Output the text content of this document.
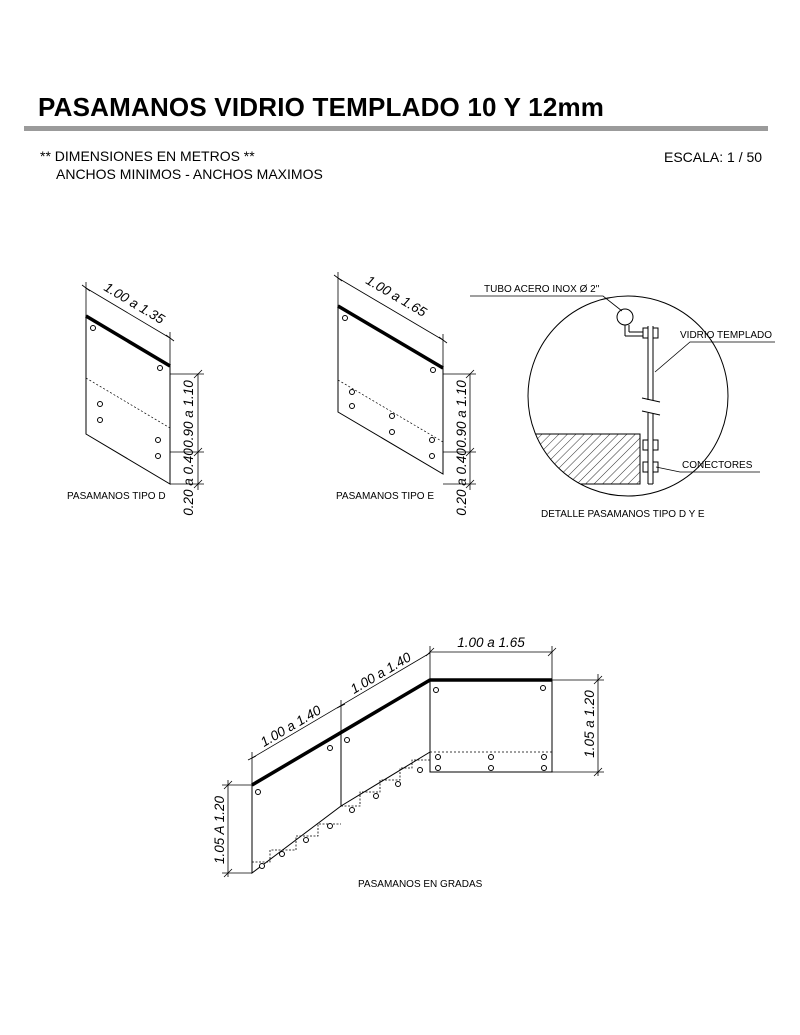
PASAMANOS VIDRIO TEMPLADO 10 Y 12mm
** DIMENSIONES EN METROS **
ANCHOS MINIMOS - ANCHOS MAXIMOS
ESCALA: 1 / 50
1.00 a 1.35
0.90 a 1.10
0.20 a 0.40
PASAMANOS TIPO D
1.00 a 1.65
0.90 a 1.10
0.20 a 0.40
PASAMANOS TIPO E
TUBO ACERO INOX Ø 2"
VIDRIO TEMPLADO
CONECTORES
DETALLE PASAMANOS TIPO D Y E
1.00 a 1.65
1.00 a 1.40
1.00 a 1.40	1.05 a 1.20
1.05 A 1.20
PASAMANOS EN GRADAS
